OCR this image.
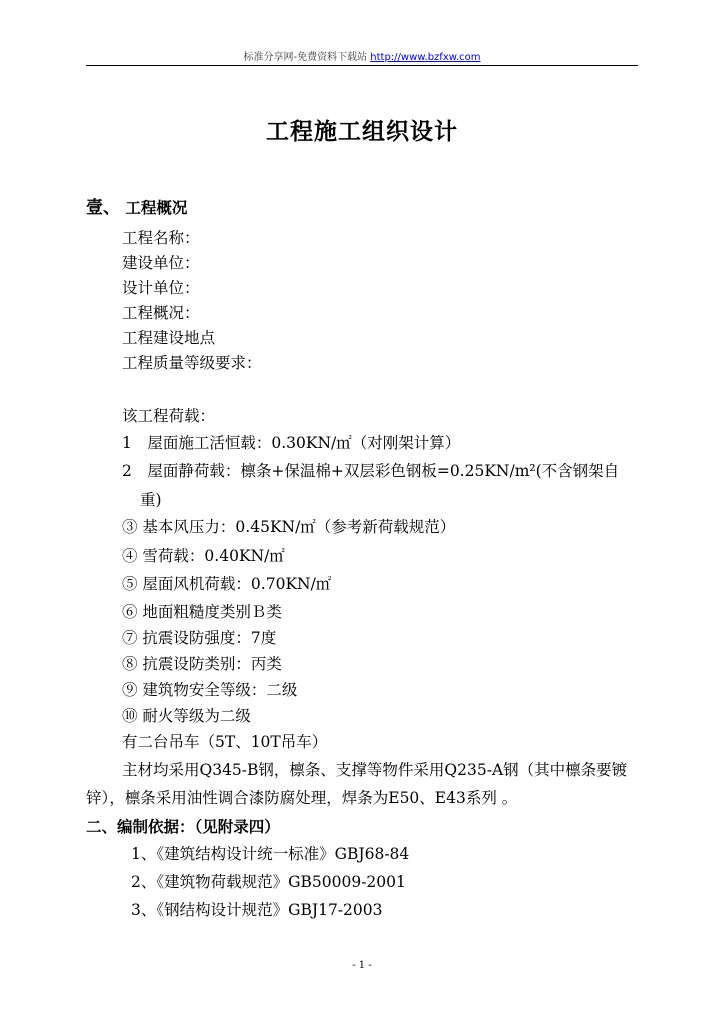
标准分享网-免费资料下载站 http://www.bzfxw.com
工程施工组织设计
壹、 工程概况
工程名称：
建设单位：
设计单位：
工程概况：
工程建设地点
工程质量等级要求：
该工程荷载：
1　屋面施工活恒载：0.30KN/㎡（对刚架计算）
2　屋面静荷载：檩条+保温棉+双层彩色钢板=0.25KN/m²(不含钢架自
重)
③ 基本风压力：0.45KN/㎡（参考新荷载规范）
④ 雪荷载：0.40KN/㎡
⑤ 屋面风机荷载：0.70KN/㎡
⑥ 地面粗糙度类别Ｂ类
⑦ 抗震设防强度：7度
⑧ 抗震设防类别：丙类
⑨ 建筑物安全等级：二级
⑩ 耐火等级为二级
有二台吊车（5T、10T吊车）
主材均采用Q345-B钢，檩条、支撑等物件采用Q235-A钢（其中檩条要镀锌），檩条采用油性调合漆防腐处理，焊条为E50、E43系列 。
二、编制依据：（见附录四）
1、《建筑结构设计统一标准》GBJ68-84
2、《建筑物荷载规范》GB50009-2001
3、《钢结构设计规范》GBJ17-2003
- 1 -
